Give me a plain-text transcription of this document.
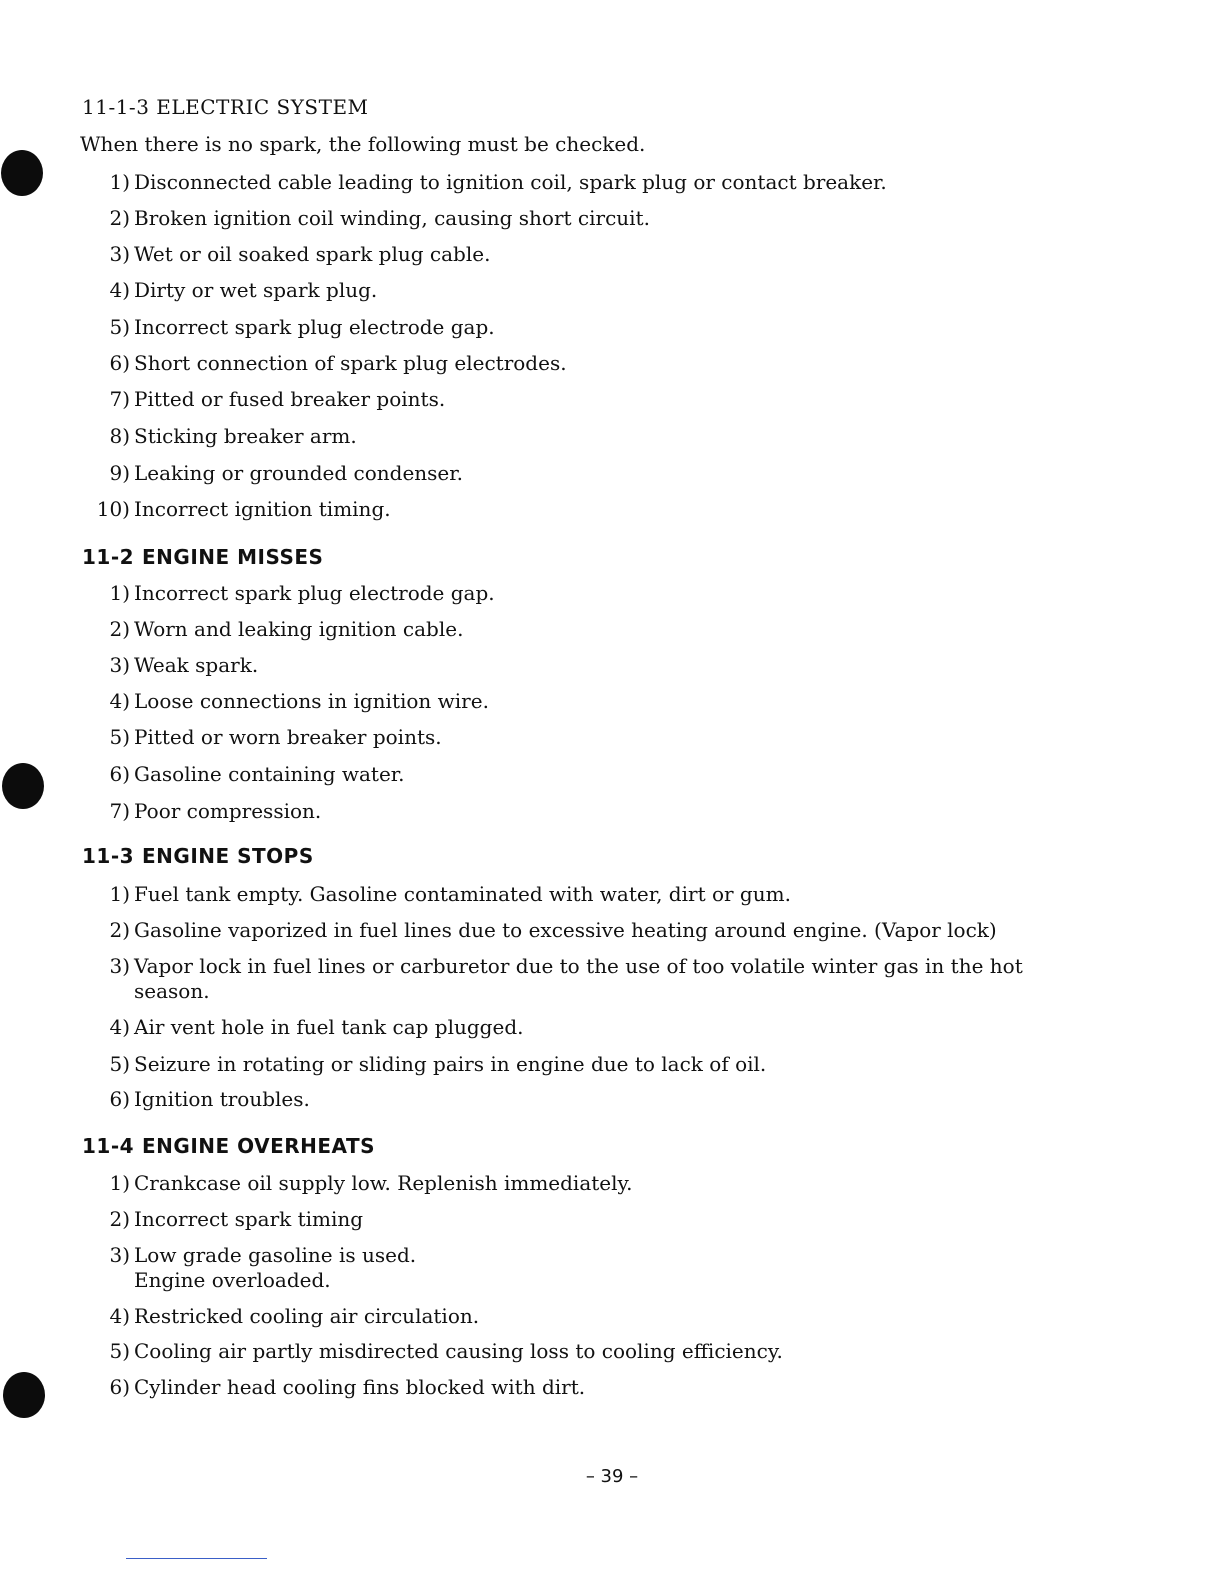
11-1-3 ELECTRIC SYSTEM
When there is no spark, the following must be checked.
1) Disconnected cable leading to ignition coil, spark plug or contact breaker.
2) Broken ignition coil winding, causing short circuit.
3) Wet or oil soaked spark plug cable.
4) Dirty or wet spark plug.
5) Incorrect spark plug electrode gap.
6) Short connection of spark plug electrodes.
7) Pitted or fused breaker points.
8) Sticking breaker arm.
9) Leaking or grounded condenser.
10) Incorrect ignition timing.
11-2 ENGINE MISSES
1) Incorrect spark plug electrode gap.
2) Worn and leaking ignition cable.
3) Weak spark.
4) Loose connections in ignition wire.
5) Pitted or worn breaker points.
6) Gasoline containing water.
7) Poor compression.
11-3 ENGINE STOPS
1) Fuel tank empty. Gasoline contaminated with water, dirt or gum.
2) Gasoline vaporized in fuel lines due to excessive heating around engine. (Vapor lock)
3) Vapor lock in fuel lines or carburetor due to the use of too volatile winter gas in the hot
season.
4) Air vent hole in fuel tank cap plugged.
5) Seizure in rotating or sliding pairs in engine due to lack of oil.
6) Ignition troubles.
11-4 ENGINE OVERHEATS
1) Crankcase oil supply low. Replenish immediately.
2) Incorrect spark timing
3) Low grade gasoline is used.
Engine overloaded.
4) Restricked cooling air circulation.
5) Cooling air partly misdirected causing loss to cooling efficiency.
6) Cylinder head cooling fins blocked with dirt.
– 39 –
